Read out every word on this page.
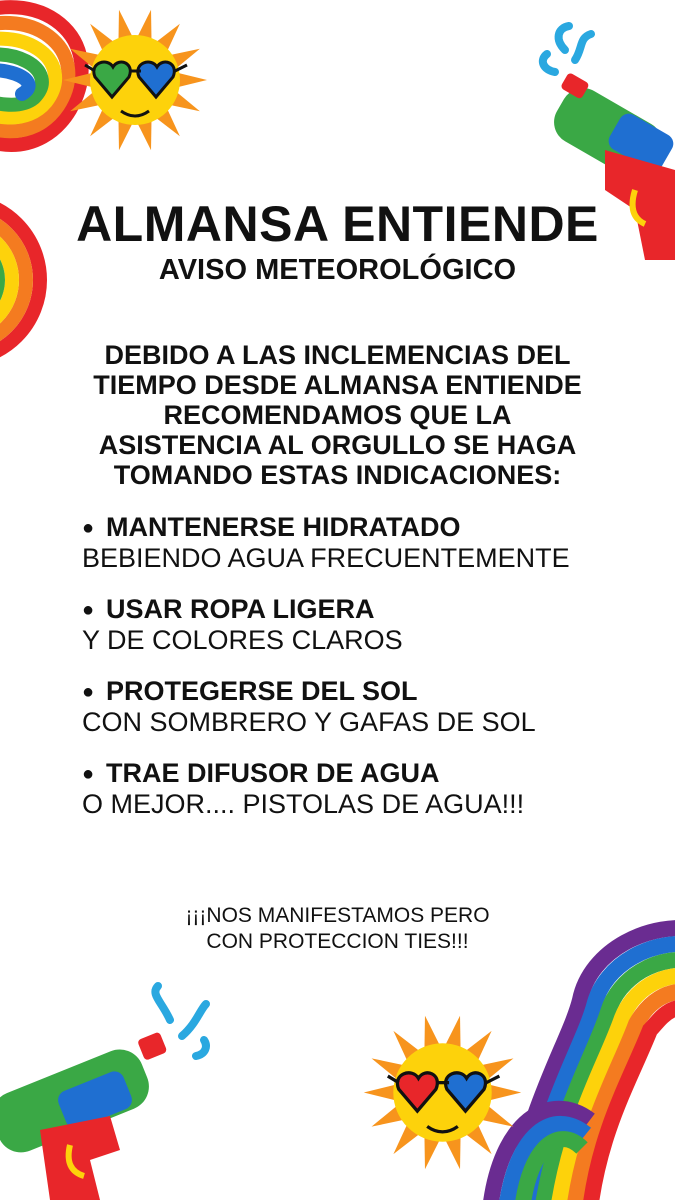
ALMANSA ENTIENDE
AVISO METEOROLÓGICO
DEBIDO A LAS INCLEMENCIAS DEL
TIEMPO DESDE ALMANSA ENTIENDE
RECOMENDAMOS QUE LA
ASISTENCIA AL ORGULLO SE HAGA
TOMANDO ESTAS INDICACIONES:
● MANTENERSE HIDRATADO
BEBIENDO AGUA FRECUENTEMENTE
● USAR ROPA LIGERA
Y DE COLORES CLAROS
● PROTEGERSE DEL SOL
CON SOMBRERO Y GAFAS DE SOL
● TRAE DIFUSOR DE AGUA
O MEJOR.... PISTOLAS DE AGUA!!!
¡¡¡NOS MANIFESTAMOS PERO
CON PROTECCION TIES!!!
